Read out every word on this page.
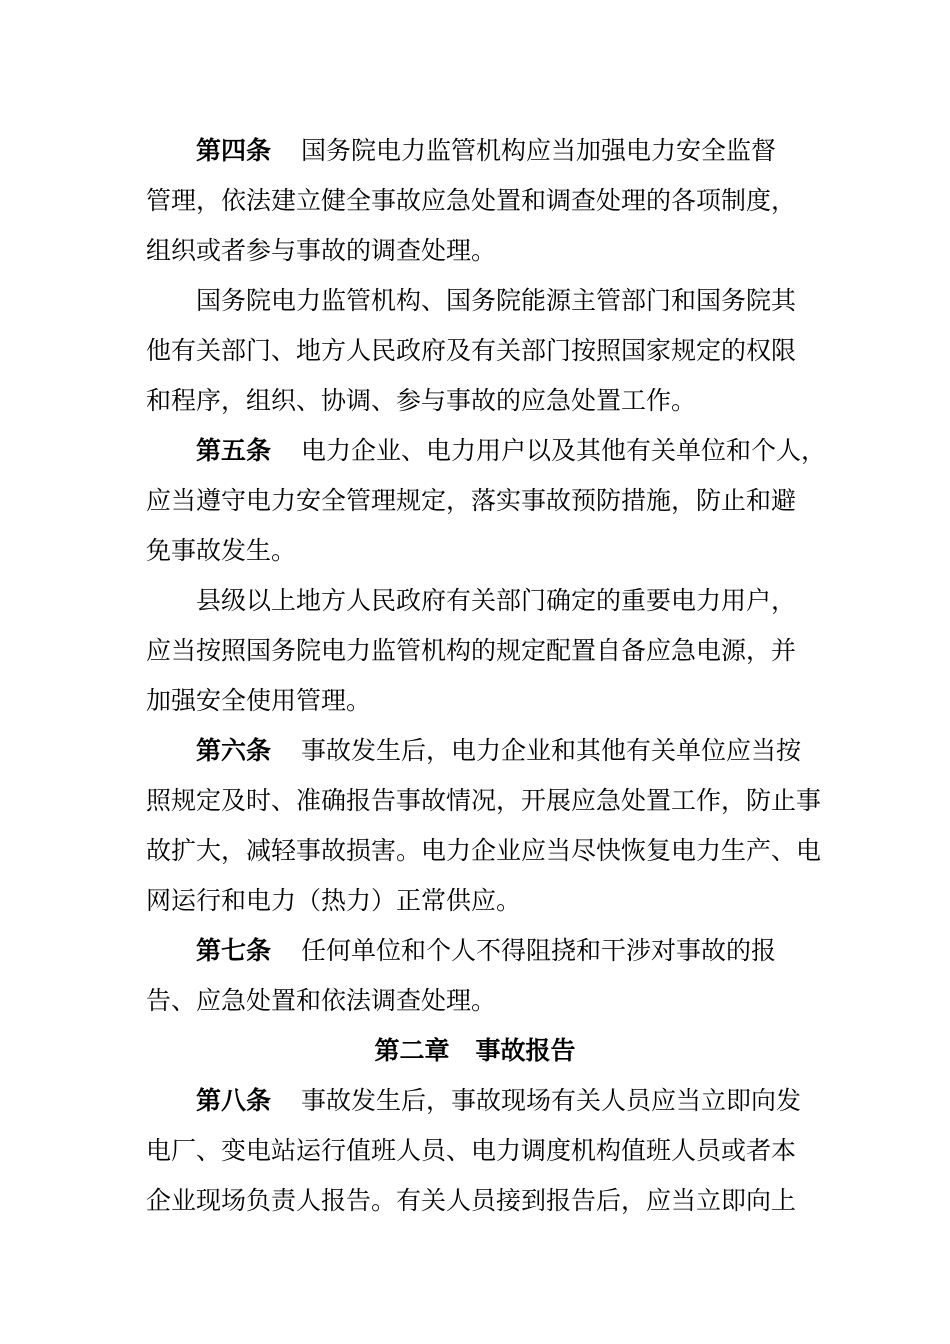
第四条 国务院电力监管机构应当加强电力安全监督
管理，依法建立健全事故应急处置和调查处理的各项制度，
组织或者参与事故的调查处理。
国务院电力监管机构、国务院能源主管部门和国务院其
他有关部门、地方人民政府及有关部门按照国家规定的权限
和程序，组织、协调、参与事故的应急处置工作。
第五条 电力企业、电力用户以及其他有关单位和个人，
应当遵守电力安全管理规定，落实事故预防措施，防止和避
免事故发生。
县级以上地方人民政府有关部门确定的重要电力用户，
应当按照国务院电力监管机构的规定配置自备应急电源，并
加强安全使用管理。
第六条 事故发生后，电力企业和其他有关单位应当按
照规定及时、准确报告事故情况，开展应急处置工作，防止事
故扩大，减轻事故损害。电力企业应当尽快恢复电力生产、电
网运行和电力（热力）正常供应。
第七条 任何单位和个人不得阻挠和干涉对事故的报
告、应急处置和依法调查处理。
第二章 事故报告
第八条 事故发生后，事故现场有关人员应当立即向发
电厂、变电站运行值班人员、电力调度机构值班人员或者本
企业现场负责人报告。有关人员接到报告后，应当立即向上
